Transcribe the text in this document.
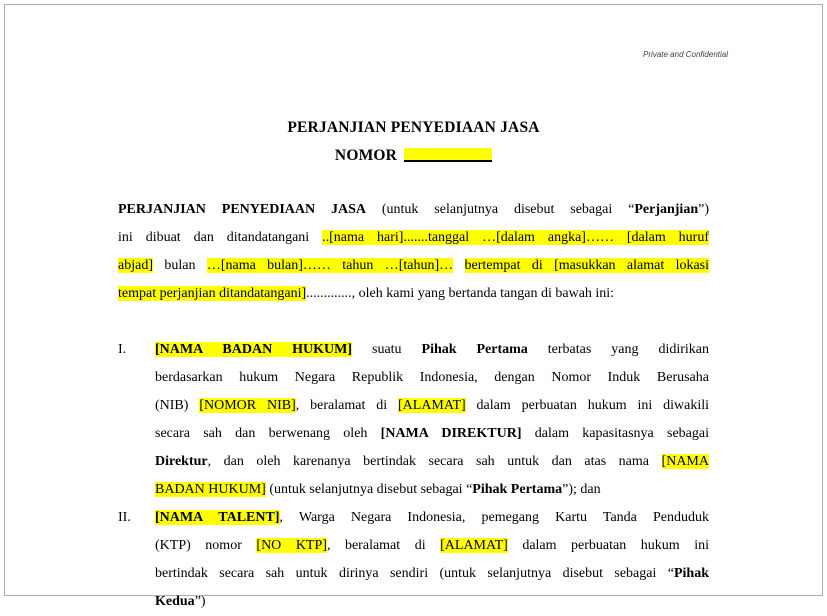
Private and Confidential
PERJANJIAN PENYEDIAAN JASA
NOMOR
PERJANJIAN PENYEDIAAN JASA (untuk selanjutnya disebut sebagai “Perjanjian”)
ini dibuat dan ditandatangani ..[nama hari].......tanggal …[dalam angka]…… [dalam huruf
abjad] bulan …[nama bulan]…… tahun …[tahun]… bertempat di [masukkan alamat lokasi
tempat perjanjian ditandatangani]............., oleh kami yang bertanda tangan di bawah ini:
I. [NAMA BADAN HUKUM] suatu Pihak Pertama terbatas yang didirikan
berdasarkan hukum Negara Republik Indonesia, dengan Nomor Induk Berusaha
(NIB) [NOMOR NIB], beralamat di [ALAMAT] dalam perbuatan hukum ini diwakili
secara sah dan berwenang oleh [NAMA DIREKTUR] dalam kapasitasnya sebagai
Direktur, dan oleh karenanya bertindak secara sah untuk dan atas nama [NAMA
BADAN HUKUM] (untuk selanjutnya disebut sebagai “Pihak Pertama”); dan
II. [NAMA TALENT], Warga Negara Indonesia, pemegang Kartu Tanda Penduduk
(KTP) nomor [NO KTP], beralamat di [ALAMAT] dalam perbuatan hukum ini
bertindak secara sah untuk dirinya sendiri (untuk selanjutnya disebut sebagai “Pihak
Kedua”)
